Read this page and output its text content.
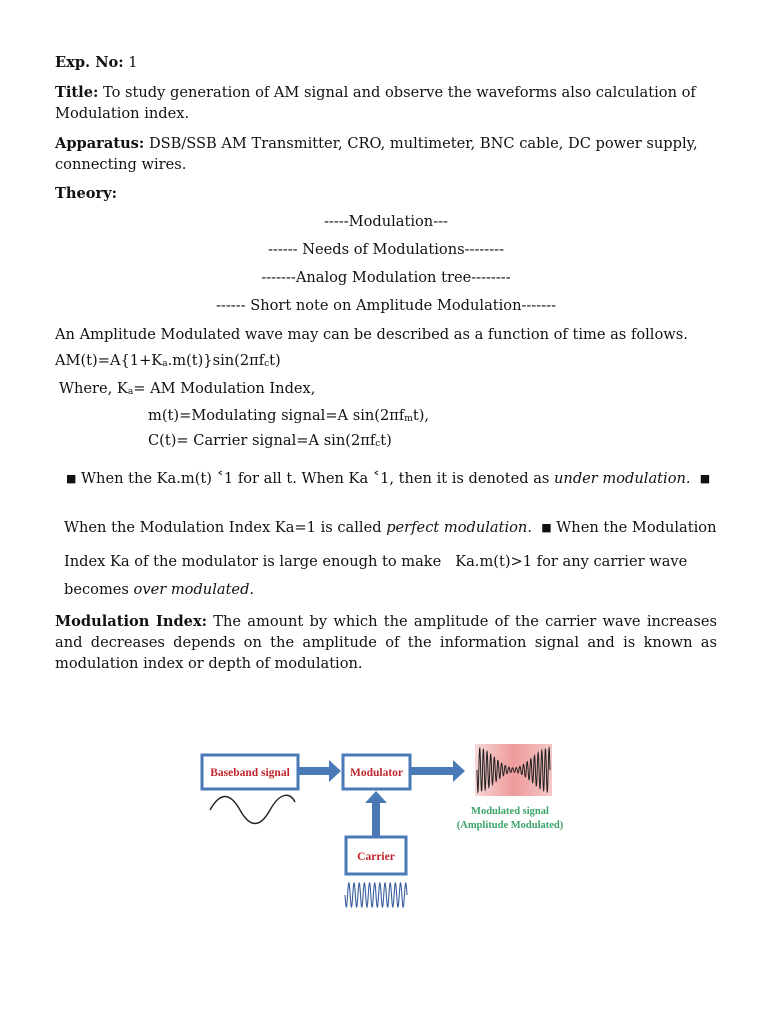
Exp. No: 1

Title: To study generation of AM signal and observe the waveforms also calculation of Modulation index.

Apparatus: DSB/SSB AM Transmitter, CRO, multimeter, BNC cable, DC power supply, connecting wires.

Theory:

-----Modulation---

------ Needs of Modulations--------

-------Analog Modulation tree--------

------ Short note on Amplitude Modulation-------

An Amplitude Modulated wave may can be described as a function of time as follows.

$AM(t)=A\{1+K_a.m(t)\}\sin(2\pi f_ct)$

Where, $K_a=$ AM Modulation Index,

m(t)=Modulating signal=A $\sin(2\pi f_mt)$,

C(t)= Carrier signal=A $\sin(2\pi f_ct)$

■ When the Ka.m(t) ˂1 for all t. When Ka ˂1, then it is denoted as under modulation. ■

When the Modulation Index Ka=1 is called perfect modulation. ■ When the Modulation

Index Ka of the modulator is large enough to make   Ka.m(t)>1 for any carrier wave

becomes over modulated.

Modulation Index: The amount by which the amplitude of the carrier wave increases and decreases depends on the amplitude of the information signal and is known as modulation index or depth of modulation.

Baseband signal	Modulator
Carrier
Modulated signal
(Amplitude Modulated)
